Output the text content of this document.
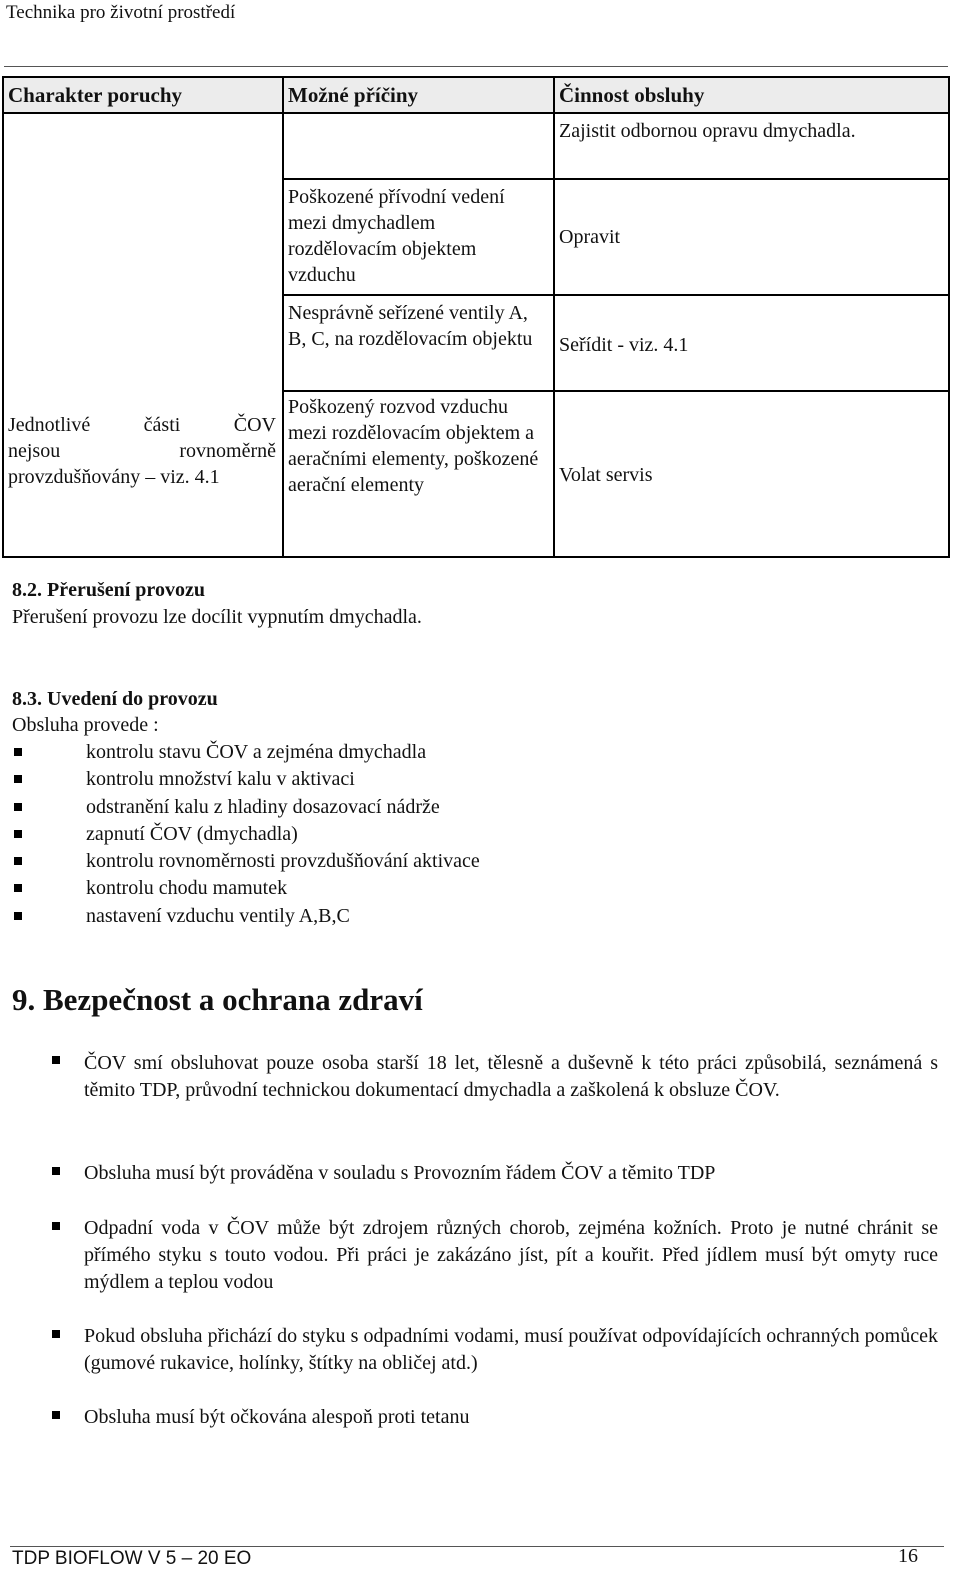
Technika pro životní prostředí
Charakter poruchy	Možné příčiny	Činnost obsluhy

Jednotlivé části ČOV
nejsou rovnoměrně
provzdušňovány – viz. 4.1		Zajistit odbornou opravu dmychadla.
	Poškozené přívodní vedení mezi dmychadlem rozdělovacím objektem vzduchu	Opravit
	Nesprávně seřízené ventily A, B, C, na rozdělovacím objektu	Seřídit - viz. 4.1
	Poškozený rozvod vzduchu mezi rozdělovacím objektem a aeračními elementy, poškozené aerační elementy	Volat servis
8.2. Přerušení provozu
Přerušení provozu lze docílit vypnutím dmychadla.
8.3. Uvedení do provozu
Obsluha provede :
kontrolu stavu ČOV a zejména dmychadla
kontrolu množství kalu v aktivaci
odstranění kalu z hladiny dosazovací nádrže
zapnutí ČOV (dmychadla)
kontrolu rovnoměrnosti provzdušňování aktivace
kontrolu chodu mamutek
nastavení vzduchu ventily A,B,C
9. Bezpečnost a ochrana zdraví
ČOV smí obsluhovat pouze osoba starší 18 let, tělesně a duševně k této práci způsobilá, seznámená s těmito TDP, průvodní technickou dokumentací dmychadla a zaškolená k obsluze ČOV.
Obsluha musí být prováděna v souladu s Provozním řádem ČOV a těmito TDP
Odpadní voda v ČOV může být zdrojem různých chorob, zejména kožních. Proto je nutné chránit se přímého styku s touto vodou. Při práci je zakázáno jíst, pít a kouřit. Před jídlem musí být omyty ruce mýdlem a teplou vodou
Pokud obsluha přichází do styku s odpadními vodami, musí používat odpovídajících ochranných pomůcek (gumové rukavice, holínky, štítky na obličej atd.)
Obsluha musí být očkována alespoň proti tetanu
TDP BIOFLOW V 5 – 20 EO	16
